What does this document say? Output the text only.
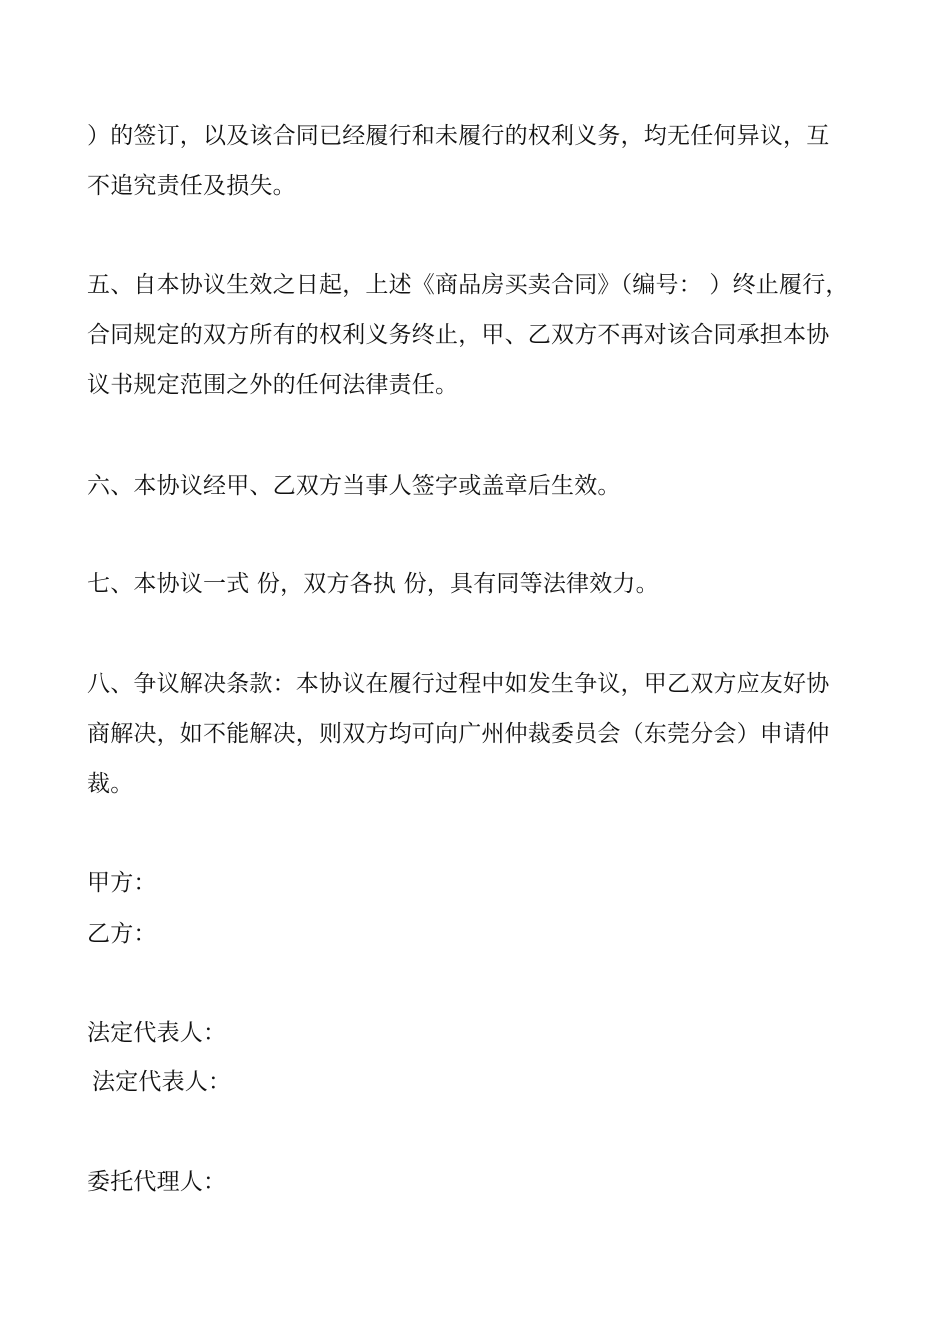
）的签订，以及该合同已经履行和未履行的权利义务，均无任何异议，互
不追究责任及损失。
五、自本协议生效之日起，上述《商品房买卖合同》（编号： ）终止履行，
合同规定的双方所有的权利义务终止，甲、乙双方不再对该合同承担本协
议书规定范围之外的任何法律责任。
六、本协议经甲、乙双方当事人签字或盖章后生效。
七、本协议一式 份，双方各执 份，具有同等法律效力。
八、争议解决条款：本协议在履行过程中如发生争议，甲乙双方应友好协
商解决，如不能解决，则双方均可向广州仲裁委员会（东莞分会）申请仲
裁。
甲方：
乙方：
法定代表人：
法定代表人：
委托代理人：
